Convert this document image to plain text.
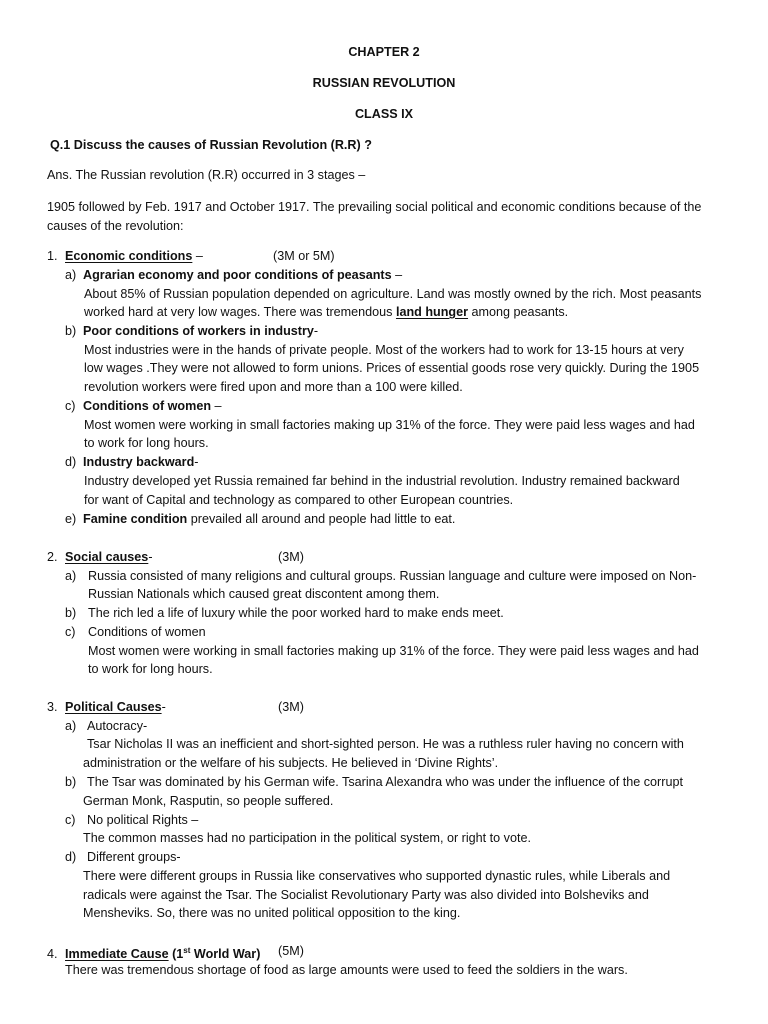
CHAPTER 2
RUSSIAN REVOLUTION
CLASS IX
Q.1 Discuss the causes of Russian Revolution (R.R) ?
Ans. The Russian revolution (R.R) occurred in 3 stages –
1905 followed by Feb. 1917 and October 1917. The prevailing social political and economic conditions because of the
causes of the revolution:
1. Economic conditions –	(3M or 5M)
a) Agrarian economy and poor conditions of peasants –
About 85% of Russian population depended on agriculture. Land was mostly owned by the rich. Most peasants
worked hard at very low wages. There was tremendous land hunger among peasants.
b) Poor conditions of workers in industry-
Most industries were in the hands of private people. Most of the workers had to work for 13-15 hours at very
low wages .They were not allowed to form unions. Prices of essential goods rose very quickly. During the 1905
revolution workers were fired upon and more than a 100 were killed.
c) Conditions of women –
Most women were working in small factories making up 31% of the force. They were paid less wages and had
to work for long hours.
d) Industry backward-
Industry developed yet Russia remained far behind in the industrial revolution. Industry remained backward
for want of Capital and technology as compared to other European countries.
e) Famine condition prevailed all around and people had little to eat.
2. Social causes-	(3M)
a) Russia consisted of many religions and cultural groups. Russian language and culture were imposed on Non-
Russian Nationals which caused great discontent among them.
b) The rich led a life of luxury while the poor worked hard to make ends meet.
c) Conditions of women
Most women were working in small factories making up 31% of the force. They were paid less wages and had
to work for long hours.
3. Political Causes-	(3M)
a) Autocracy-
Tsar Nicholas II was an inefficient and short-sighted person. He was a ruthless ruler having no concern with
administration or the welfare of his subjects. He believed in ‘Divine Rights’.
b) The Tsar was dominated by his German wife. Tsarina Alexandra who was under the influence of the corrupt
German Monk, Rasputin, so people suffered.
c) No political Rights –
The common masses had no participation in the political system, or right to vote.
d) Different groups-
There were different groups in Russia like conservatives who supported dynastic rules, while Liberals and
radicals were against the Tsar. The Socialist Revolutionary Party was also divided into Bolsheviks and
Mensheviks. So, there was no united political opposition to the king.
4. Immediate Cause (1st World War) (5M)
There was tremendous shortage of food as large amounts were used to feed the soldiers in the wars.
